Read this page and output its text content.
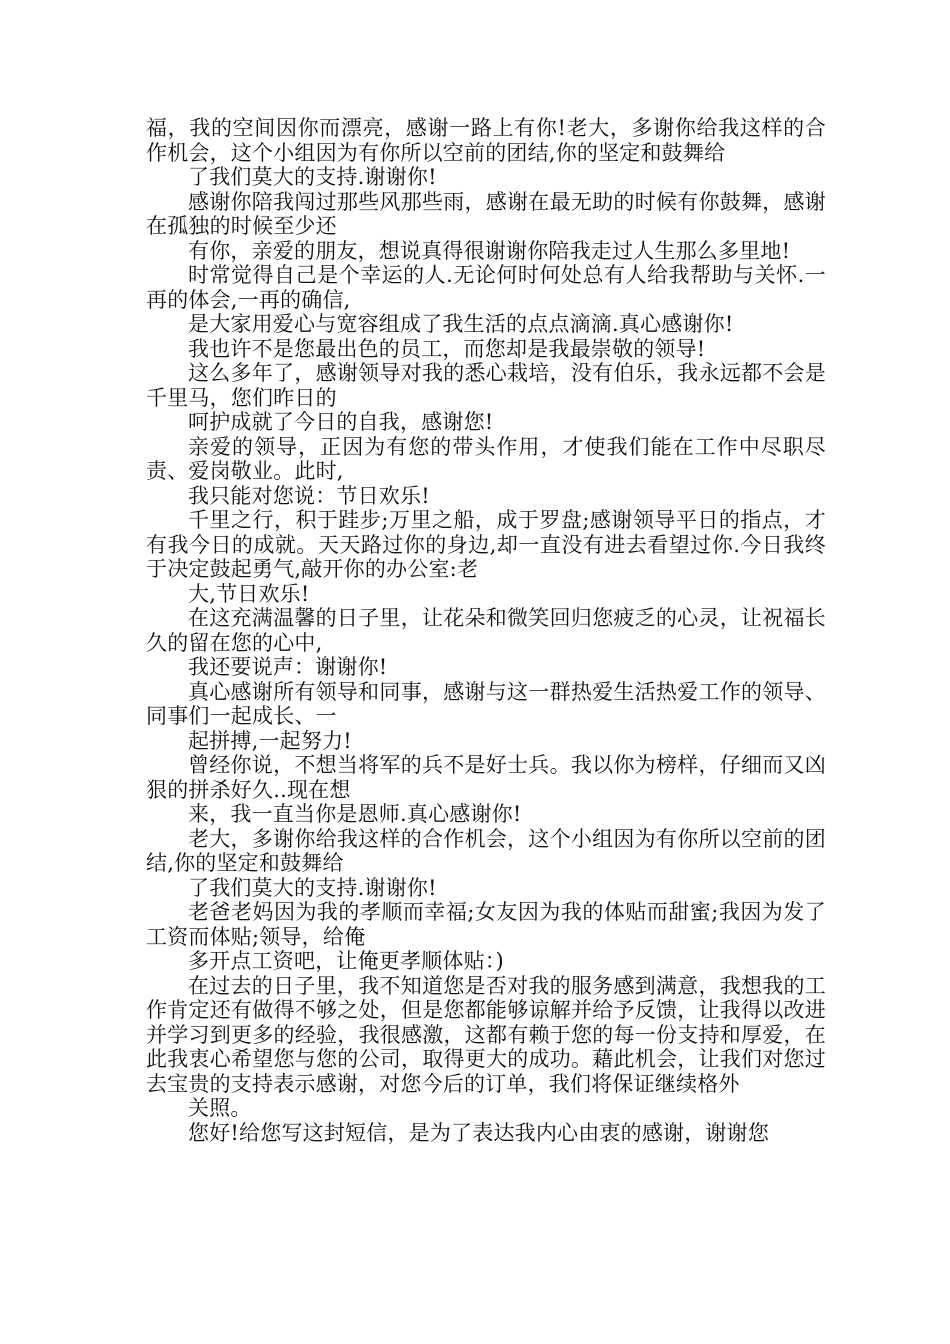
福，我的空间因你而漂亮，感谢一路上有你!老大，多谢你给我这样的合作机会，这个小组因为有你所以空前的团结,你的坚定和鼓舞给

了我们莫大的支持.谢谢你!

感谢你陪我闯过那些风那些雨，感谢在最无助的时候有你鼓舞，感谢在孤独的时候至少还

有你，亲爱的朋友，想说真得很谢谢你陪我走过人生那么多里地!

时常觉得自己是个幸运的人.无论何时何处总有人给我帮助与关怀.一再的体会,一再的确信,

是大家用爱心与宽容组成了我生活的点点滴滴.真心感谢你!

我也许不是您最出色的员工，而您却是我最崇敬的领导!

这么多年了，感谢领导对我的悉心栽培，没有伯乐，我永远都不会是千里马，您们昨日的

呵护成就了今日的自我，感谢您!

亲爱的领导，正因为有您的带头作用，才使我们能在工作中尽职尽责、爱岗敬业。此时,

我只能对您说：节日欢乐!

千里之行，积于跬步;万里之船，成于罗盘;感谢领导平日的指点，才有我今日的成就。天天路过你的身边,却一直没有进去看望过你.今日我终于决定鼓起勇气,敲开你的办公室:老

大,节日欢乐!

在这充满温馨的日子里，让花朵和微笑回归您疲乏的心灵，让祝福长久的留在您的心中,

我还要说声：谢谢你!

真心感谢所有领导和同事，感谢与这一群热爱生活热爱工作的领导、同事们一起成长、一

起拼搏,一起努力!

曾经你说，不想当将军的兵不是好士兵。我以你为榜样，仔细而又凶狠的拼杀好久..现在想

来，我一直当你是恩师.真心感谢你!

老大，多谢你给我这样的合作机会，这个小组因为有你所以空前的团结,你的坚定和鼓舞给

了我们莫大的支持.谢谢你!

老爸老妈因为我的孝顺而幸福;女友因为我的体贴而甜蜜;我因为发了工资而体贴;领导，给俺

多开点工资吧，让俺更孝顺体贴：)

在过去的日子里，我不知道您是否对我的服务感到满意，我想我的工作肯定还有做得不够之处，但是您都能够谅解并给予反馈，让我得以改进并学习到更多的经验，我很感激，这都有赖于您的每一份支持和厚爱，在此我衷心希望您与您的公司，取得更大的成功。藉此机会，让我们对您过去宝贵的支持表示感谢，对您今后的订单，我们将保证继续格外

关照。

您好!给您写这封短信，是为了表达我内心由衷的感谢，谢谢您
